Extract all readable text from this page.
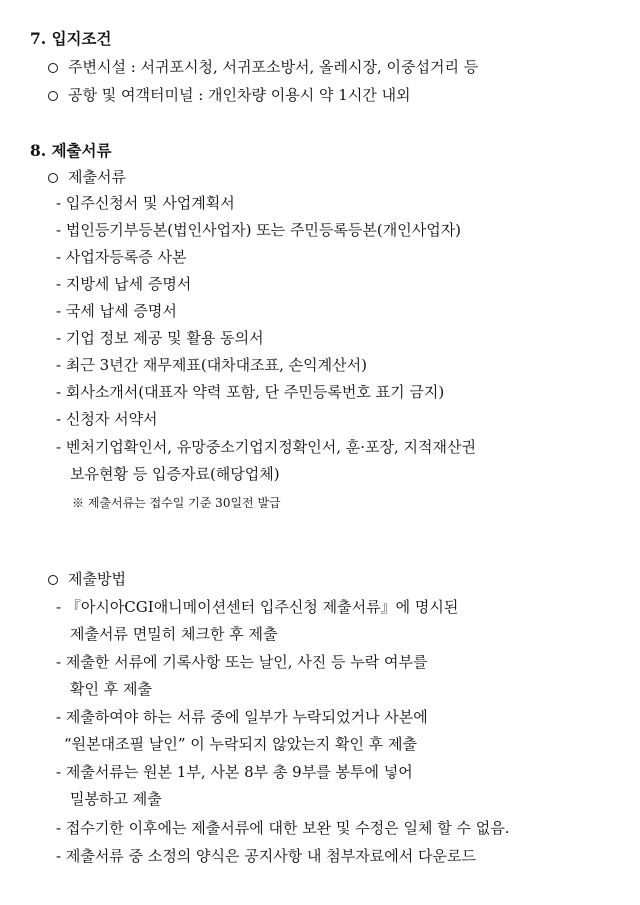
7. 입지조건
주변시설 : 서귀포시청, 서귀포소방서, 올레시장, 이중섭거리 등
공항 및 여객터미널 : 개인차량 이용시 약 1시간 내외
8. 제출서류
제출서류
- 입주신청서 및 사업계획서
- 법인등기부등본(법인사업자) 또는 주민등록등본(개인사업자)
- 사업자등록증 사본
- 지방세 납세 증명서
- 국세 납세 증명서
- 기업 정보 제공 및 활용 동의서
- 최근 3년간 재무제표(대차대조표, 손익계산서)
- 회사소개서(대표자 약력 포함, 단 주민등록번호 표기 금지)
- 신청자 서약서
- 벤처기업확인서, 유망중소기업지정확인서, 훈·포장, 지적재산권
보유현황 등 입증자료(해당업체)
※ 제출서류는 접수일 기준 30일전 발급
제출방법
- 『아시아CGI애니메이션센터 입주신청 제출서류』에 명시된
제출서류 면밀히 체크한 후 제출
- 제출한 서류에 기록사항 또는 날인, 사진 등 누락 여부를
확인 후 제출
- 제출하여야 하는 서류 중에 일부가 누락되었거나 사본에
“원본대조필 날인” 이 누락되지 않았는지 확인 후 제출
- 제출서류는 원본 1부, 사본 8부 총 9부를 봉투에 넣어
밀봉하고 제출
- 접수기한 이후에는 제출서류에 대한 보완 및 수정은 일체 할 수 없음.
- 제출서류 중 소정의 양식은 공지사항 내 첨부자료에서 다운로드
